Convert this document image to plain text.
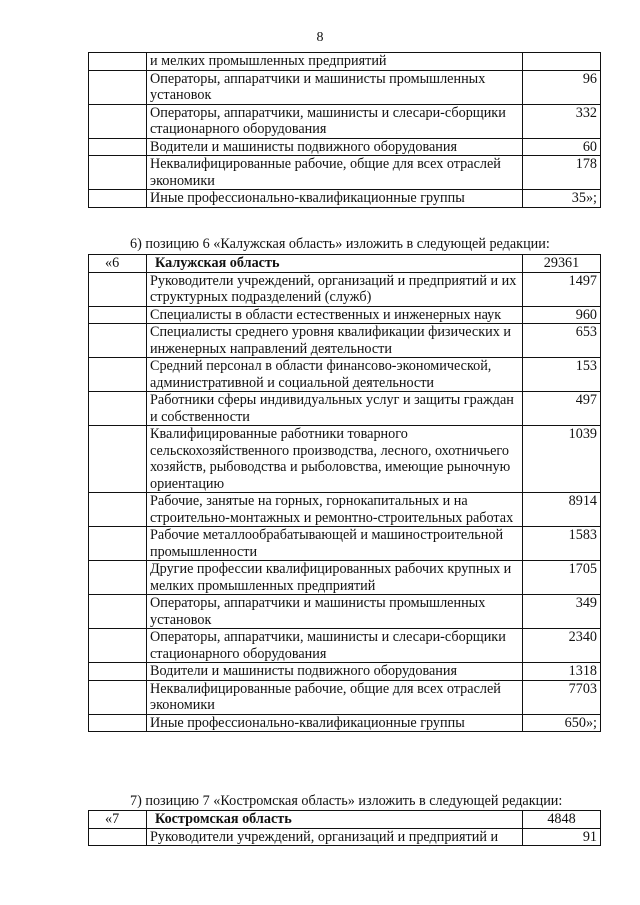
8
	и мелких промышленных предприятий	
	Операторы, аппаратчики и машинисты промышленных установок	96
	Операторы, аппаратчики, машинисты и слесари-сборщики стационарного оборудования	332
	Водители и машинисты подвижного оборудования	60
	Неквалифицированные рабочие, общие для всех отраслей экономики	178
	Иные профессионально-квалификационные группы	35»;
6) позицию 6 «Калужская область» изложить в следующей редакции:
«6	Калужская область	29361
	Руководители учреждений, организаций и предприятий и их структурных подразделений (служб)	1497
	Специалисты в области естественных и инженерных наук	960
	Специалисты среднего уровня квалификации физических и инженерных направлений деятельности	653
	Средний персонал в области финансово-экономической, административной и социальной деятельности	153
	Работники сферы индивидуальных услуг и защиты граждан и собственности	497
	Квалифицированные работники товарного сельскохозяйственного производства, лесного, охотничьего хозяйств, рыбоводства и рыболовства, имеющие рыночную ориентацию	1039
	Рабочие, занятые на горных, горнокапитальных и на строительно-монтажных и ремонтно-строительных работах	8914
	Рабочие металлообрабатывающей и машиностроительной промышленности	1583
	Другие профессии квалифицированных рабочих крупных и мелких промышленных предприятий	1705
	Операторы, аппаратчики и машинисты промышленных установок	349
	Операторы, аппаратчики, машинисты и слесари-сборщики стационарного оборудования	2340
	Водители и машинисты подвижного оборудования	1318
	Неквалифицированные рабочие, общие для всех отраслей экономики	7703
	Иные профессионально-квалификационные группы	650»;
7) позицию 7 «Костромская область» изложить в следующей редакции:
«7	Костромская область	4848
	Руководители учреждений, организаций и предприятий и	91
